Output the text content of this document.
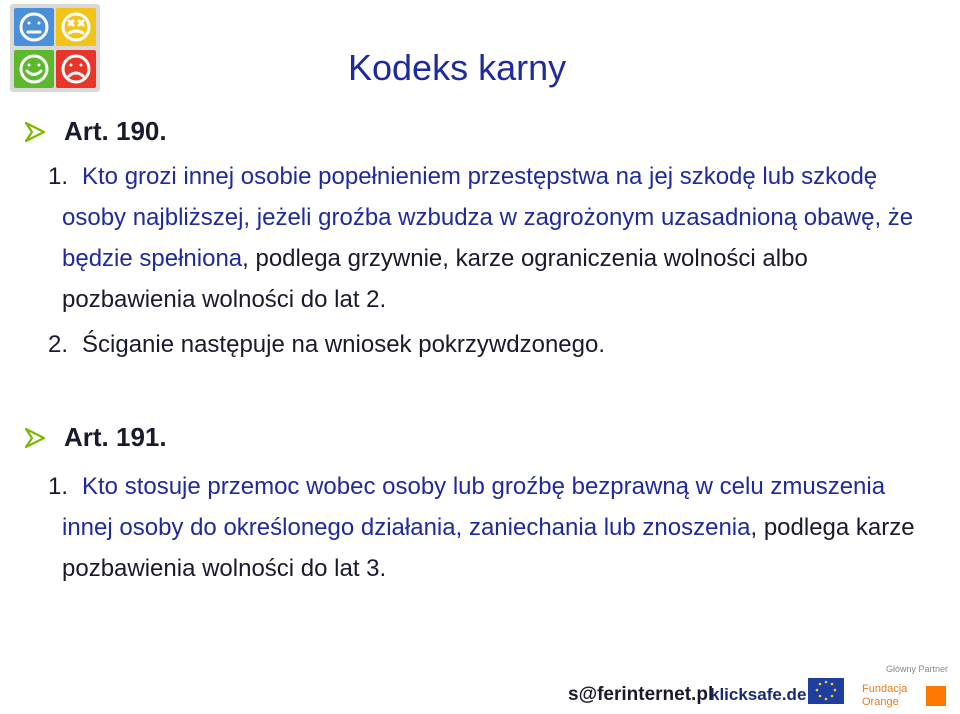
Kodeks karny
Art. 190.
1. Kto grozi innej osobie popełnieniem przestępstwa na jej szkodę lub szkodę osoby najbliższej, jeżeli groźba wzbudza w zagrożonym uzasadnioną obawę, że będzie spełniona, podlega grzywnie, karze ograniczenia wolności albo pozbawienia wolności do lat 2.
2. Ściganie następuje na wniosek pokrzywdzonego.
Art. 191.
1. Kto stosuje przemoc wobec osoby lub groźbę bezprawną w celu zmuszenia innej osoby do określonego działania, zaniechania lub znoszenia, podlega karze pozbawienia wolności do lat 3.
Główny Partner
s@ferinternet.pl
klicksafe.de	Fundacja
Orange
